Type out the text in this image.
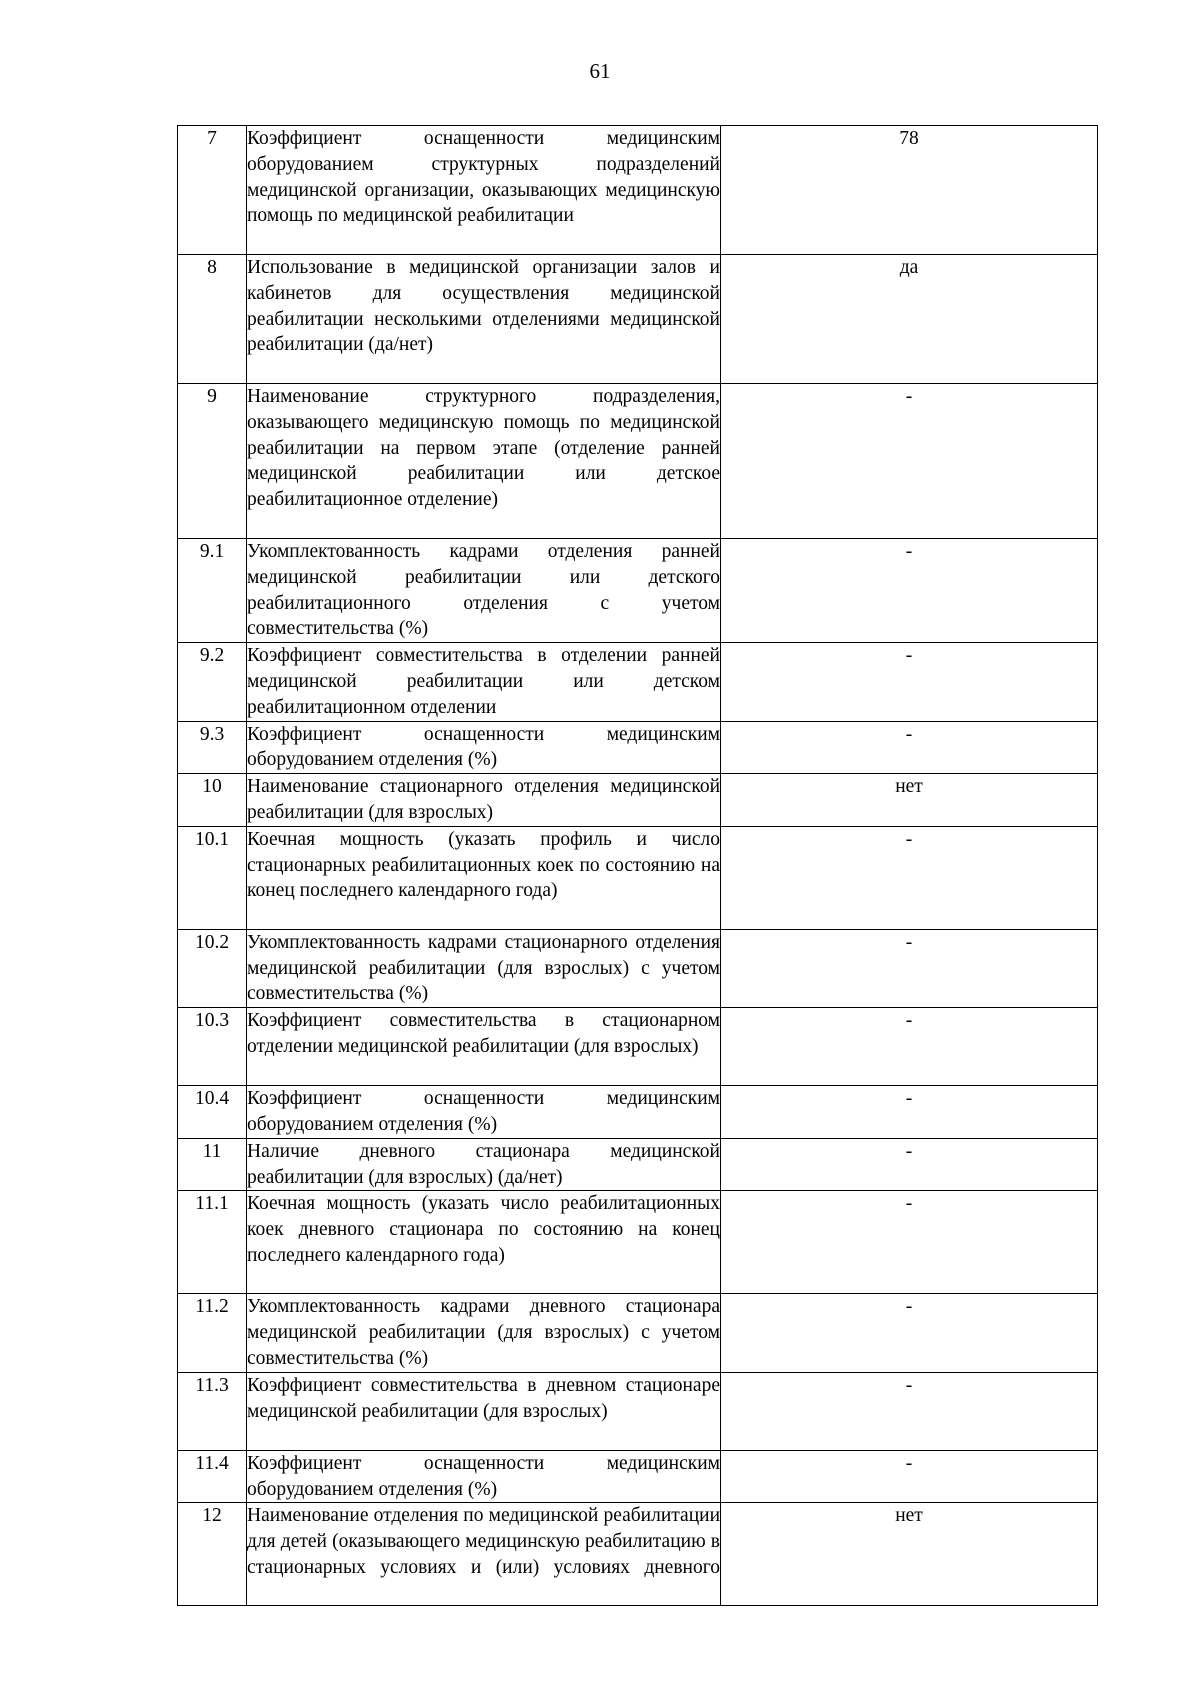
61
7	Коэффициент оснащенности медицинским оборудованием структурных подразделений медицинской организации, оказывающих медицинскую помощь по медицинской реабилитации	78
8	Использование в медицинской организации залов и кабинетов для осуществления медицинской реабилитации несколькими отделениями медицинской реабилитации (да/нет)	да
9	Наименование структурного подразделения, оказывающего медицинскую помощь по медицинской реабилитации на первом этапе (отделение ранней медицинской реабилитации или детское реабилитационное отделение)	-
9.1	Укомплектованность кадрами отделения ранней медицинской реабилитации или детского реабилитационного отделения с учетом совместительства (%)	-
9.2	Коэффициент совместительства в отделении ранней медицинской реабилитации или детском реабилитационном отделении	-
9.3	Коэффициент оснащенности медицинским оборудованием отделения (%)	-
10	Наименование стационарного отделения медицинской реабилитации (для взрослых)	нет
10.1	Коечная мощность (указать профиль и число стационарных реабилитационных коек по состоянию на конец последнего календарного года)	-
10.2	Укомплектованность кадрами стационарного отделения медицинской реабилитации (для взрослых) с учетом совместительства (%)	-
10.3	Коэффициент совместительства в стационарном отделении медицинской реабилитации (для взрослых)	-
10.4	Коэффициент оснащенности медицинским оборудованием отделения (%)	-
11	Наличие дневного стационара медицинской реабилитации (для взрослых) (да/нет)	-
11.1	Коечная мощность (указать число реабилитационных коек дневного стационара по состоянию на конец последнего календарного года)	-
11.2	Укомплектованность кадрами дневного стационара медицинской реабилитации (для взрослых) с учетом совместительства (%)	-
11.3	Коэффициент совместительства в дневном стационаре медицинской реабилитации (для взрослых)	-
11.4	Коэффициент оснащенности медицинским оборудованием отделения (%)	-
12	Наименование отделения по медицинской реабилитации для детей (оказывающего медицинскую реабилитацию в стационарных условиях и (или) условиях дневного	нет
